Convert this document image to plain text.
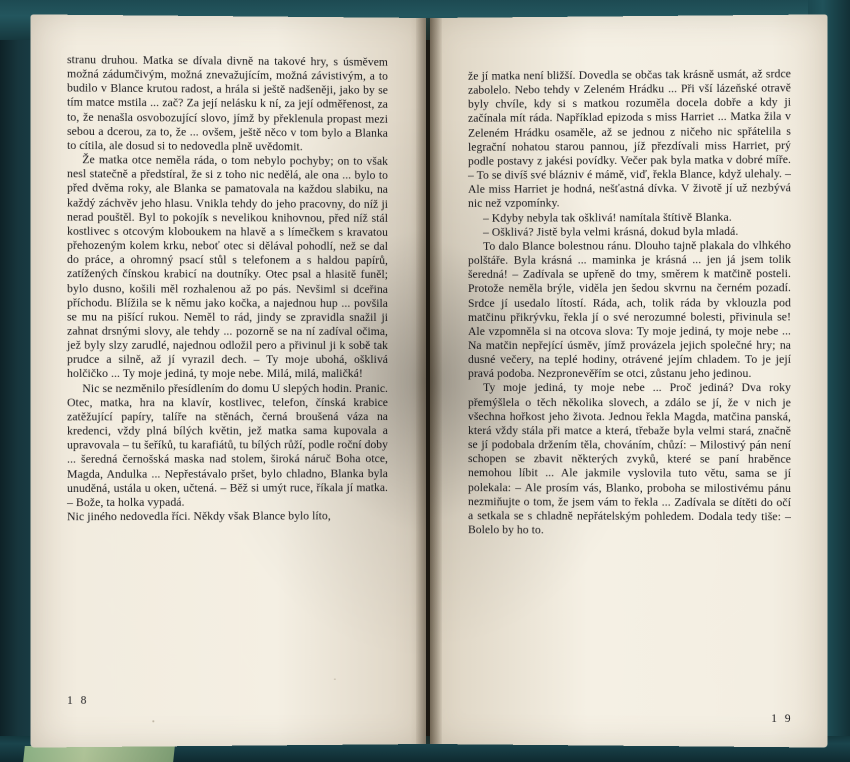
stranu druhou. Matka se dívala divně na takové hry, s úsměvem možná zádumčivým, možná znevažujícím, možná závistivým, a to budilo v Blance krutou radost, a hrála si ještě nadšeněji, jako by se tím matce mstila ... zač? Za její nelásku k ní, za její odměřenost, za to, že nenašla osvobozující slovo, jímž by překlenula propast mezi sebou a dcerou, za to, že ... ovšem, ještě něco v tom bylo a Blanka to cítila, ale dosud si to nedovedla plně uvědomit.

Že matka otce neměla ráda, o tom nebylo pochyby; on to však nesl statečně a předstíral, že si z toho nic nedělá, ale ona ... bylo to před dvěma roky, ale Blanka se pamatovala na každou slabiku, na každý záchvěv jeho hlasu. Vnikla tehdy do jeho pracovny, do níž ji nerad pouštěl. Byl to pokojík s nevelikou knihovnou, před níž stál kostlivec s otcovým kloboukem na hlavě a s límečkem s kravatou přehozeným kolem krku, neboť otec si dělával pohodlí, než se dal do práce, a ohromný psací stůl s telefonem a s haldou papírů, zatížených čínskou krabicí na doutníky. Otec psal a hlasitě funěl; bylo dusno, košili měl rozhalenou až po pás. Nevšiml si dceřina příchodu. Blížila se k němu jako kočka, a najednou hup ... povšila se mu na pišící rukou. Neměl to rád, jindy se zpravidla snažil ji zahnat drsnými slovy, ale tehdy ... pozorně se na ní zadíval očima, jež byly slzy zarudlé, najednou odložil pero a přivinul ji k sobě tak prudce a silně, až jí vyrazil dech. – Ty moje ubohá, ošklivá holčičko ... Ty moje jediná, ty moje nebe. Milá, milá, maličká!

Nic se nezměnilo přesídlením do domu U slepých hodin. Pranic. Otec, matka, hra na klavír, kostlivec, telefon, čínská krabice zatěžující papíry, talíře na stěnách, černá broušená váza na kredenci, vždy plná bílých květin, jež matka sama kupovala a upravovala – tu šeříků, tu karafiátů, tu bílých růží, podle roční doby ... šeredná černošská maska nad stolem, široká náruč Boha otce, Magda, Andulka ... Nepřestávalo pršet, bylo chladno, Blanka byla unuděná, ustála u oken, učtená. – Běž si umýt ruce, říkala jí matka. – Bože, ta holka vypadá.

Nic jiného nedovedla říci. Někdy však Blance bylo líto,

1 8

že jí matka není bližší. Dovedla se občas tak krásně usmát, až srdce zabolelo. Nebo tehdy v Zeleném Hrádku ... Při vší lázeňské otravě byly chvíle, kdy si s matkou rozuměla docela dobře a kdy ji začínala mít ráda. Například epizoda s miss Harriet ... Matka žila v Zeleném Hrádku osaměle, až se jednou z ničeho nic spřátelila s legrační nohatou starou pannou, jíž přezdívali miss Harriet, prý podle postavy z jakési povídky. Večer pak byla matka v dobré míře. – To se divíš své blázniv é mámě, viď, řekla Blance, když ulehaly. – Ale miss Harriet je hodná, nešťastná dívka. V životě jí už nezbývá nic než vzpomínky.

– Kdyby nebyla tak ošklivá! namítala štítivě Blanka.

– Ošklivá? Jistě byla velmi krásná, dokud byla mladá.

To dalo Blance bolestnou ránu. Dlouho tajně plakala do vlhkého polštáře. Byla krásná ... maminka je krásná ... jen já jsem tolik šeredná! – Zadívala se upřeně do tmy, směrem k matčině posteli. Protože neměla brýle, viděla jen šedou skvrnu na černém pozadí. Srdce jí usedalo lítostí. Ráda, ach, tolik ráda by vklouzla pod matčinu přikrývku, řekla jí o své nerozumné bolesti, přivinula se! Ale vzpomněla si na otcova slova: Ty moje jediná, ty moje nebe ... Na matčin nepřející úsměv, jímž provázela jejich společné hry; na dusné večery, na teplé hodiny, otrávené jejím chladem. To je její pravá podoba. Nezpronevěřím se otci, zůstanu jeho jedinou.

Ty moje jediná, ty moje nebe ... Proč jediná? Dva roky přemýšlela o těch několika slovech, a zdálo se jí, že v nich je všechna hořkost jeho života. Jednou řekla Magda, matčina panská, která vždy stála při matce a která, třebaže byla velmi stará, značně se jí podobala držením těla, chováním, chůzí: – Milostivý pán není schopen se zbavit některých zvyků, které se paní hraběnce nemohou líbit ... Ale jakmile vyslovila tuto větu, sama se jí polekala: – Ale prosím vás, Blanko, proboha se milostivému pánu nezmiňujte o tom, že jsem vám to řekla ... Zadívala se dítěti do očí a setkala se s chladně nepřátelským pohledem. Dodala tedy tiše: – Bolelo by ho to.

1 9
